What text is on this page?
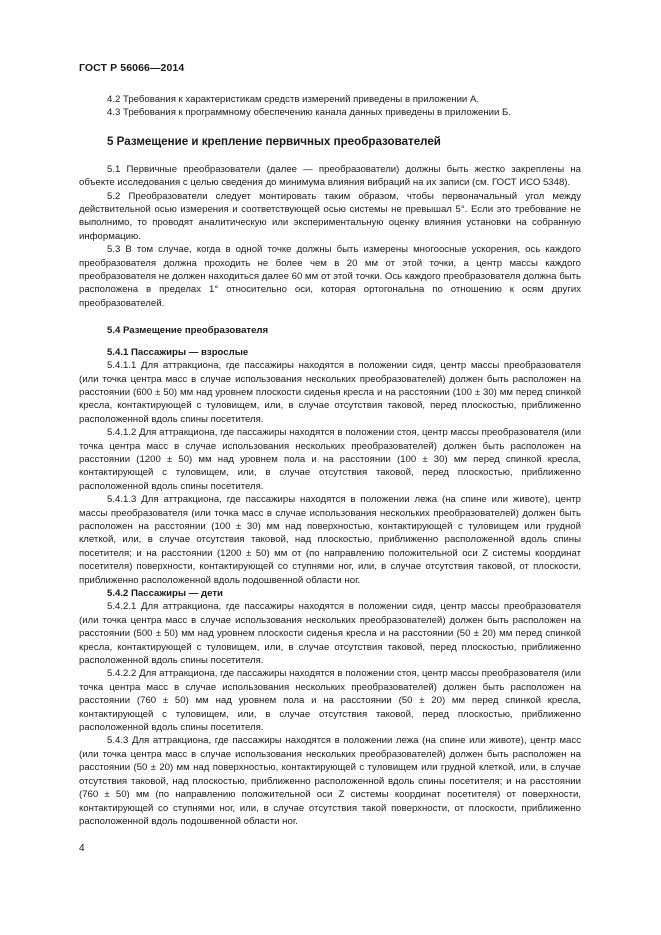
ГОСТ Р 56066—2014

4.2 Требования к характеристикам средств измерений приведены в приложении А.

4.3 Требования к программному обеспечению канала данных приведены в приложении Б.

5 Размещение и крепление первичных преобразователей

5.1 Первичные преобразователи (далее — преобразователи) должны быть жестко закреплены на объекте исследования с целью сведения до минимума влияния вибраций на их записи (см. ГОСТ ИСО 5348).

5.2 Преобразователи следует монтировать таким образом, чтобы первоначальный угол между действительной осью измерения и соответствующей осью системы не превышал 5°. Если это требование не выполнимо, то проводят аналитическую или экспериментальную оценку влияния установки на собранную информацию.

5.3 В том случае, когда в одной точке должны быть измерены многоосные ускорения, ось каждого преобразователя должна проходить не более чем в 20 мм от этой точки, а центр массы каждого преобразователя не должен находиться далее 60 мм от этой точки. Ось каждого преобразователя должна быть расположена в пределах 1° относительно оси, которая ортогональна по отношению к осям других преобразователей.

5.4 Размещение преобразователя
5.4.1 Пассажиры — взрослые

5.4.1.1 Для аттракциона, где пассажиры находятся в положении сидя, центр массы преобразователя (или точка центра масс в случае использования нескольких преобразователей) должен быть расположен на расстоянии (600 ± 50) мм над уровнем плоскости сиденья кресла и на расстоянии (100 ± 30) мм перед спинкой кресла, контактирующей с туловищем, или, в случае отсутствия таковой, перед плоскостью, приближенно расположенной вдоль спины посетителя.

5.4.1.2 Для аттракциона, где пассажиры находятся в положении стоя, центр массы преобразователя (или точка центра масс в случае использования нескольких преобразователей) должен быть расположен на расстоянии (1200 ± 50) мм над уровнем пола и на расстоянии (100 ± 30) мм перед спинкой кресла, контактирующей с туловищем, или, в случае отсутствия таковой, перед плоскостью, приближенно расположенной вдоль спины посетителя.

5.4.1.3 Для аттракциона, где пассажиры находятся в положении лежа (на спине или животе), центр массы преобразователя (или точка масс в случае использования нескольких преобразователей) должен быть расположен на расстоянии (100 ± 30) мм над поверхностью, контактирующей с туловищем или грудной клеткой, или, в случае отсутствия таковой, над плоскостью, приближенно расположенной вдоль спины посетителя; и на расстоянии (1200 ± 50) мм от (по направлению положительной оси Z системы координат посетителя) поверхности, контактирующей со ступнями ног, или, в случае отсутствия таковой, от плоскости, приближенно расположенной вдоль подошвенной области ног.

5.4.2 Пассажиры — дети

5.4.2.1 Для аттракциона, где пассажиры находятся в положении сидя, центр массы преобразователя (или точка центра масс в случае использования нескольких преобразователей) должен быть расположен на расстоянии (500 ± 50) мм над уровнем плоскости сиденья кресла и на расстоянии (50 ± 20) мм перед спинкой кресла, контактирующей с туловищем, или, в случае отсутствия таковой, перед плоскостью, приближенно расположенной вдоль спины посетителя.

5.4.2.2 Для аттракциона, где пассажиры находятся в положении стоя, центр массы преобразователя (или точка центра масс в случае использования нескольких преобразователей) должен быть расположен на расстоянии (760 ± 50) мм над уровнем пола и на расстоянии (50 ± 20) мм перед спинкой кресла, контактирующей с туловищем, или, в случае отсутствия таковой, перед плоскостью, приближенно расположенной вдоль спины посетителя.

5.4.3 Для аттракциона, где пассажиры находятся в положении лежа (на спине или животе), центр масс (или точка центра масс в случае использования нескольких преобразователей) должен быть расположен на расстоянии (50 ± 20) мм над поверхностью, контактирующей с туловищем или грудной клеткой, или, в случае отсутствия таковой, над плоскостью, приближенно расположенной вдоль спины посетителя; и на расстоянии (760 ± 50) мм (по направлению положительной оси Z системы координат посетителя) от поверхности, контактирующей со ступнями ног, или, в случае отсутствия такой поверхности, от плоскости, приближенно расположенной вдоль подошвенной области ног.

4
